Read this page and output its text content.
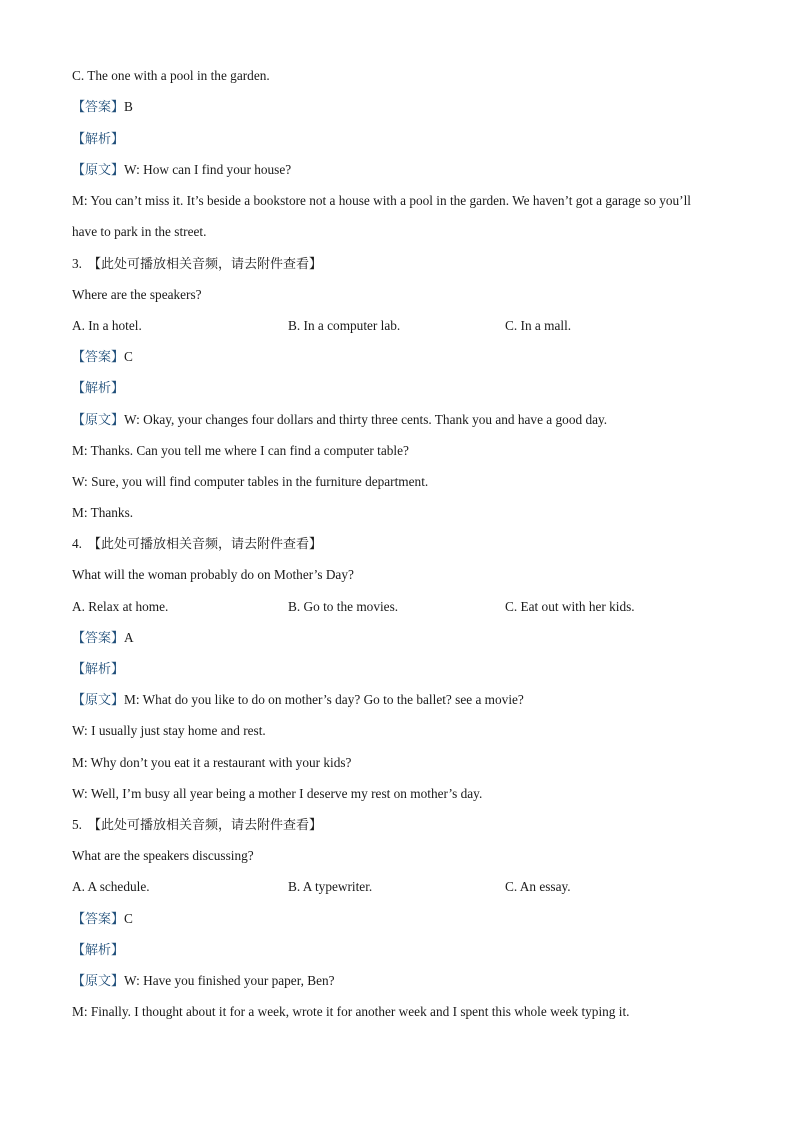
C. The one with a pool in the garden.
【答案】B
【解析】
【原文】W: How can I find your house?
M: You can’t miss it. It’s beside a bookstore not a house with a pool in the garden. We haven’t got a garage so you’ll
have to park in the street.
3. 【此处可播放相关音频，请去附件查看】
Where are the speakers?
A. In a hotel.	B. In a computer lab.	C. In a mall.
【答案】C
【解析】
【原文】W: Okay, your changes four dollars and thirty three cents. Thank you and have a good day.
M: Thanks. Can you tell me where I can find a computer table?
W: Sure, you will find computer tables in the furniture department.
M: Thanks.
4. 【此处可播放相关音频，请去附件查看】
What will the woman probably do on Mother’s Day?
A. Relax at home.	B. Go to the movies.	C. Eat out with her kids.
【答案】A
【解析】
【原文】M: What do you like to do on mother’s day? Go to the ballet? see a movie?
W: I usually just stay home and rest.
M: Why don’t you eat it a restaurant with your kids?
W: Well, I’m busy all year being a mother I deserve my rest on mother’s day.
5. 【此处可播放相关音频，请去附件查看】
What are the speakers discussing?
A. A schedule.	B. A typewriter.	C. An essay.
【答案】C
【解析】
【原文】W: Have you finished your paper, Ben?
M: Finally. I thought about it for a week, wrote it for another week and I spent this whole week typing it.
